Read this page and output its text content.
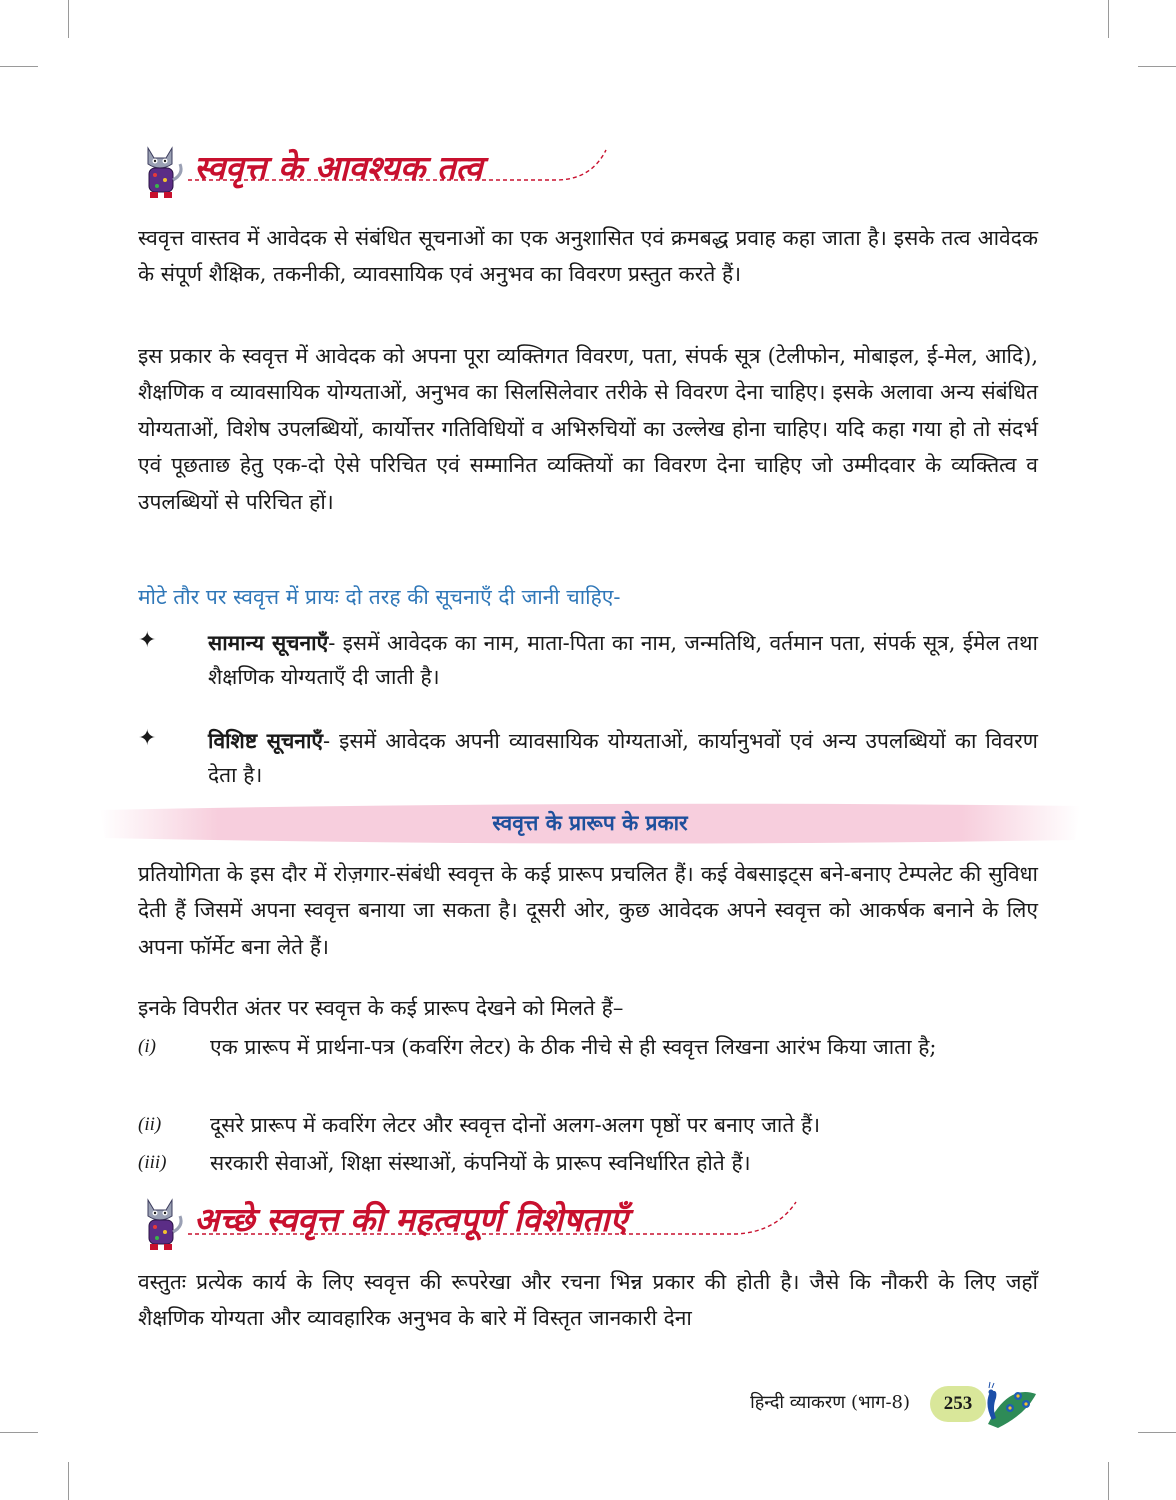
स्ववृत्त के आवश्यक तत्व

स्ववृत्त वास्तव में आवेदक से संबंधित सूचनाओं का एक अनुशासित एवं क्रमबद्ध प्रवाह कहा जाता है। इसके तत्व आवेदक के संपूर्ण शैक्षिक, तकनीकी, व्यावसायिक एवं अनुभव का विवरण प्रस्तुत करते हैं।

इस प्रकार के स्ववृत्त में आवेदक को अपना पूरा व्यक्तिगत विवरण, पता, संपर्क सूत्र (टेलीफोन, मोबाइल, ई-मेल, आदि), शैक्षणिक व व्यावसायिक योग्यताओं, अनुभव का सिलसिलेवार तरीके से विवरण देना चाहिए। इसके अलावा अन्य संबंधित योग्यताओं, विशेष उपलब्धियों, कार्योत्तर गतिविधियों व अभिरुचियों का उल्लेख होना चाहिए। यदि कहा गया हो तो संदर्भ एवं पूछताछ हेतु एक-दो ऐसे परिचित एवं सम्मानित व्यक्तियों का विवरण देना चाहिए जो उम्मीदवार के व्यक्तित्व व उपलब्धियों से परिचित हों।

मोटे तौर पर स्ववृत्त में प्रायः दो तरह की सूचनाएँ दी जानी चाहिए-

✦ सामान्य सूचनाएँ- इसमें आवेदक का नाम, माता-पिता का नाम, जन्मतिथि, वर्तमान पता, संपर्क सूत्र, ईमेल तथा शैक्षणिक योग्यताएँ दी जाती है।

✦ विशिष्ट सूचनाएँ- इसमें आवेदक अपनी व्यावसायिक योग्यताओं, कार्यानुभवों एवं अन्य उपलब्धियों का विवरण देता है।

स्ववृत्त के प्रारूप के प्रकार

प्रतियोगिता के इस दौर में रोज़गार-संबंधी स्ववृत्त के कई प्रारूप प्रचलित हैं। कई वेबसाइट्स बने-बनाए टेम्पलेट की सुविधा देती हैं जिसमें अपना स्ववृत्त बनाया जा सकता है। दूसरी ओर, कुछ आवेदक अपने स्ववृत्त को आकर्षक बनाने के लिए अपना फॉर्मेट बना लेते हैं।

इनके विपरीत अंतर पर स्ववृत्त के कई प्रारूप देखने को मिलते हैं–

(i)	एक प्रारूप में प्रार्थना-पत्र (कवरिंग लेटर) के ठीक नीचे से ही स्ववृत्त लिखना आरंभ किया जाता है;

(ii) दूसरे प्रारूप में कवरिंग लेटर और स्ववृत्त दोनों अलग-अलग पृष्ठों पर बनाए जाते हैं।

(iii) सरकारी सेवाओं, शिक्षा संस्थाओं, कंपनियों के प्रारूप स्वनिर्धारित होते हैं।

अच्छे स्ववृत्त की महत्वपूर्ण विशेषताएँ

वस्तुतः प्रत्येक कार्य के लिए स्ववृत्त की रूपरेखा और रचना भिन्न प्रकार की होती है। जैसे कि नौकरी के लिए जहाँ शैक्षणिक योग्यता और व्यावहारिक अनुभव के बारे में विस्तृत जानकारी देना

हिन्दी व्याकरण (भाग-8)	253
